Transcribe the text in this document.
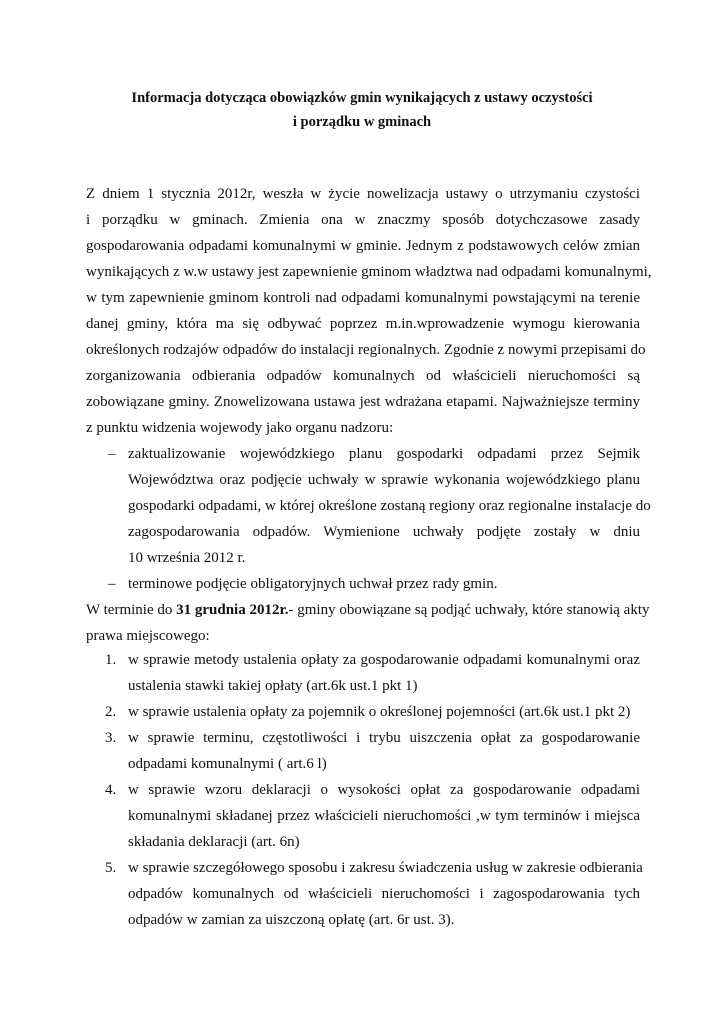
Informacja dotycząca obowiązków gmin wynikających z ustawy oczystości
i porządku w gminach
Z dniem 1 stycznia 2012r, weszła w życie nowelizacja ustawy o utrzymaniu czystości
i porządku w gminach. Zmienia ona w znaczmy sposób dotychczasowe zasady
gospodarowania odpadami komunalnymi w gminie. Jednym z podstawowych celów zmian
wynikających z w.w ustawy jest zapewnienie gminom władztwa nad odpadami komunalnymi,
w tym zapewnienie gminom kontroli nad odpadami komunalnymi powstającymi na terenie
danej gminy, która ma się odbywać poprzez m.in.wprowadzenie wymogu kierowania
określonych rodzajów odpadów do instalacji regionalnych. Zgodnie z nowymi przepisami do
zorganizowania odbierania odpadów komunalnych od właścicieli nieruchomości są
zobowiązane gminy. Znowelizowana ustawa jest wdrażana etapami. Najważniejsze terminy
z punktu widzenia wojewody jako organu nadzoru:
– zaktualizowanie wojewódzkiego planu gospodarki odpadami przez Sejmik
Województwa oraz podjęcie uchwały w sprawie wykonania wojewódzkiego planu
gospodarki odpadami, w której określone zostaną regiony oraz regionalne instalacje do
zagospodarowania odpadów. Wymienione uchwały podjęte zostały w dniu
10 września 2012 r.
– terminowe podjęcie obligatoryjnych uchwał przez rady gmin.
W terminie do 31 grudnia 2012r.- gminy obowiązane są podjąć uchwały, które stanowią akty
prawa miejscowego:
1. w sprawie metody ustalenia opłaty za gospodarowanie odpadami komunalnymi oraz
ustalenia stawki takiej opłaty (art.6k ust.1 pkt 1)
2. w sprawie ustalenia opłaty za pojemnik o określonej pojemności (art.6k ust.1 pkt 2)
3. w sprawie terminu, częstotliwości i trybu uiszczenia opłat za gospodarowanie
odpadami komunalnymi ( art.6 l)
4. w sprawie wzoru deklaracji o wysokości opłat za gospodarowanie odpadami
komunalnymi składanej przez właścicieli nieruchomości ,w tym terminów i miejsca
składania deklaracji (art. 6n)
5. w sprawie szczegółowego sposobu i zakresu świadczenia usług w zakresie odbierania
odpadów komunalnych od właścicieli nieruchomości i zagospodarowania tych
odpadów w zamian za uiszczoną opłatę (art. 6r ust. 3).
